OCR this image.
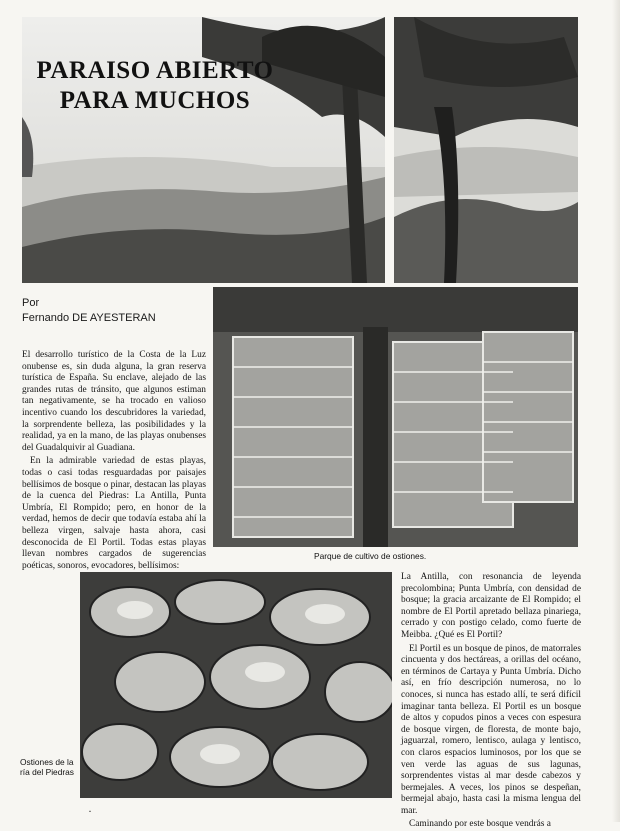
PARAISO ABIERTO
PARA MUCHOS
Por
Fernando DE AYESTERAN

El desarrollo turístico de la Costa de la Luz onubense es, sin duda alguna, la gran reserva turística de España. Su enclave, alejado de las grandes rutas de tránsito, que algunos estiman tan negativamente, se ha trocado en valioso incentivo cuando los descubridores la variedad, la sorprendente belleza, las posibilidades y la realidad, ya en la mano, de las playas onubenses del Guadalquivir al Guadiana.

En la admirable variedad de estas playas, todas o casi todas resguardadas por paisajes bellísimos de bosque o pinar, destacan las playas de la cuenca del Piedras: La Antilla, Punta Umbría, El Rompido; pero, en honor de la verdad, hemos de decir que todavía estaba ahí la belleza virgen, salvaje hasta ahora, casi desconocida de El Portil. Todas estas playas llevan nombres cargados de sugerencias poéticas, sonoros, evocadores, bellísimos:

Parque de cultivo de ostiones.
Ostiones de la ría del Piedras

La Antilla, con resonancia de leyenda precolombina; Punta Umbría, con densidad de bosque; la gracia arcaizante de El Rompido; el nombre de El Portil apretado bellaza pinariega, cerrado y con postigo celado, como fuerte de Meibba. ¿Qué es El Portil?

El Portil es un bosque de pinos, de matorrales cincuenta y dos hectáreas, a orillas del océano, en términos de Cartaya y Punta Umbría. Dicho así, en frío descripción numerosa, no lo conoces, si nunca has estado allí, te será difícil imaginar tanta belleza. El Portil es un bosque de altos y copudos pinos a veces con espesura de bosque virgen, de floresta, de monte bajo, jaguarzal, romero, lentisco, aulaga y lentisco, con claros espacios luminosos, por los que se ven verde las aguas de sus lagunas, sorprendentes vistas al mar desde cabezos y bermejales. A veces, los pinos se despeñan, bermejal abajo, hasta casi la misma lengua del mar.

Caminando por este bosque vendrás a

·
